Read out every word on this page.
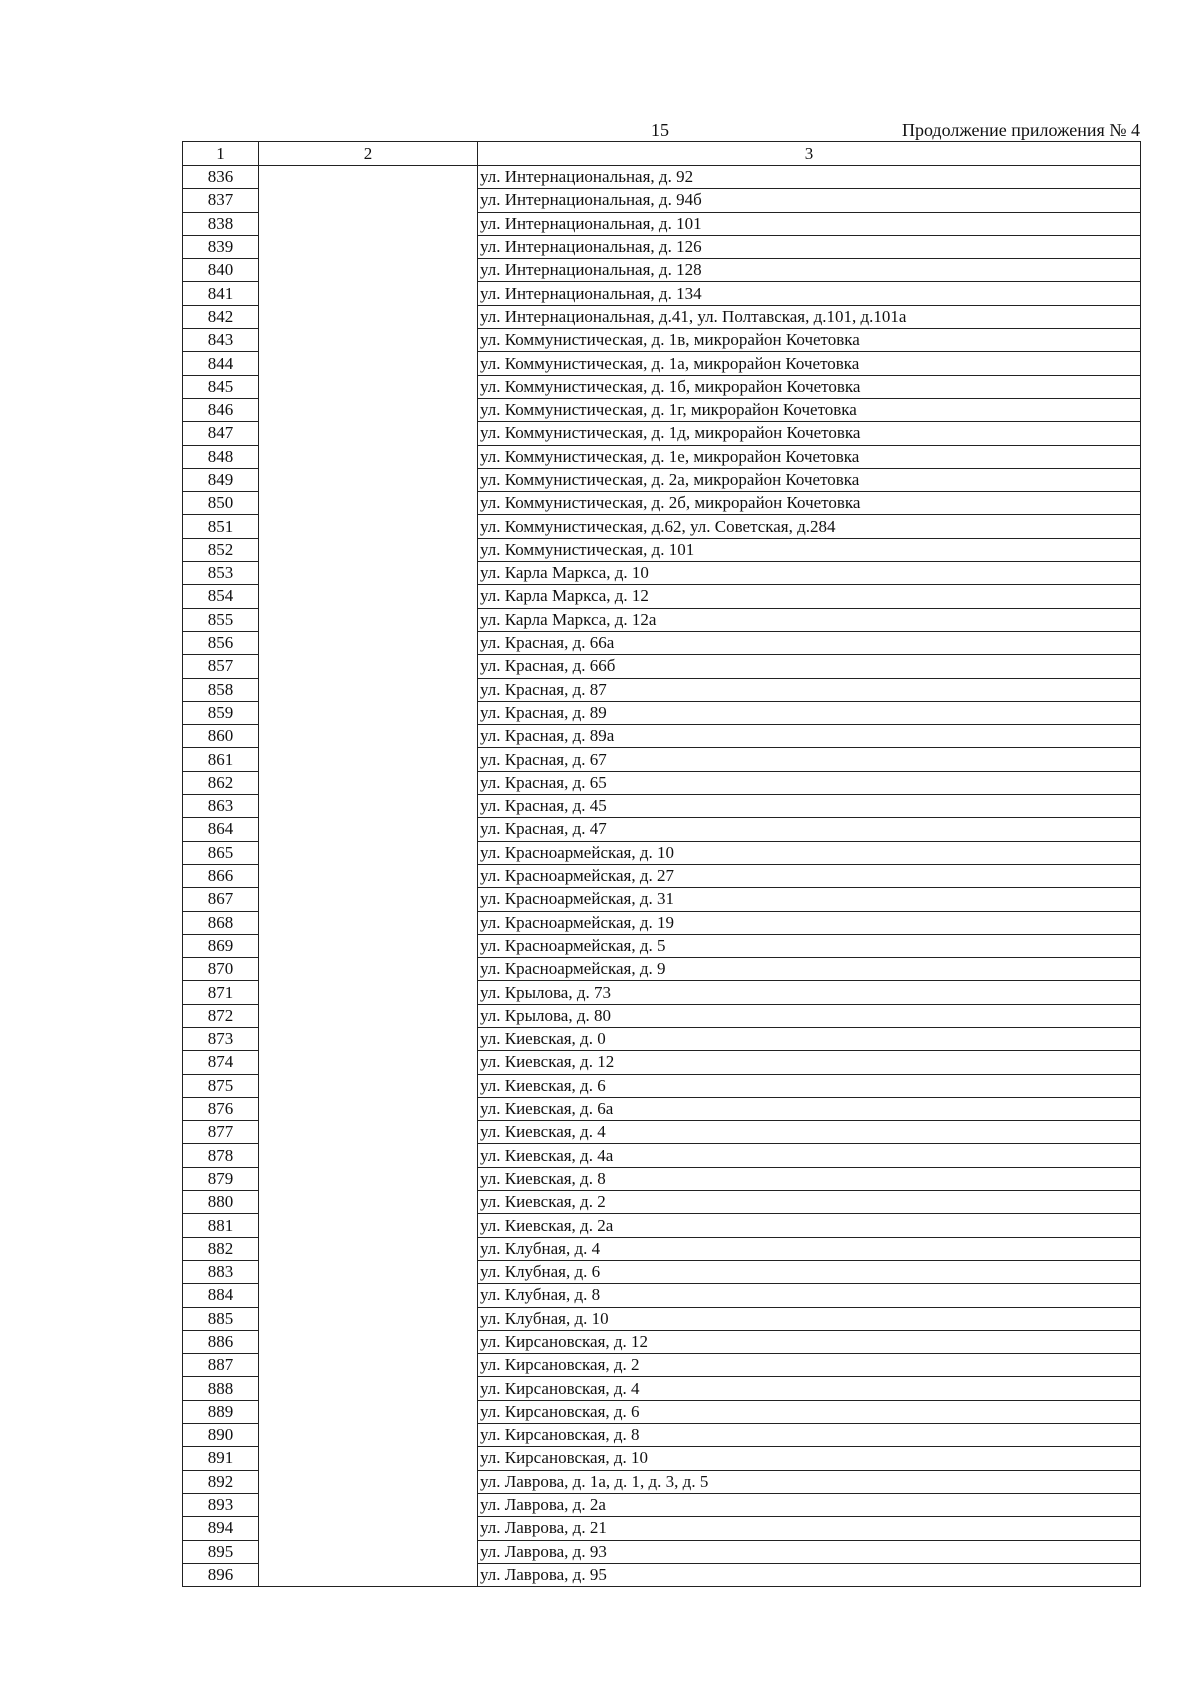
15	Продолжение приложения № 4
1	2	3
836		ул. Интернациональная, д. 92
837		ул. Интернациональная, д. 94б
838		ул. Интернациональная, д. 101
839		ул. Интернациональная, д. 126
840		ул. Интернациональная, д. 128
841		ул. Интернациональная, д. 134
842		ул. Интернациональная, д.41, ул. Полтавская, д.101, д.101а
843		ул. Коммунистическая, д. 1в, микрорайон Кочетовка
844		ул. Коммунистическая, д. 1а, микрорайон Кочетовка
845		ул. Коммунистическая, д. 1б, микрорайон Кочетовка
846		ул. Коммунистическая, д. 1г, микрорайон Кочетовка
847		ул. Коммунистическая, д. 1д, микрорайон Кочетовка
848		ул. Коммунистическая, д. 1е, микрорайон Кочетовка
849		ул. Коммунистическая, д. 2а, микрорайон Кочетовка
850		ул. Коммунистическая, д. 2б, микрорайон Кочетовка
851		ул. Коммунистическая, д.62, ул. Советская, д.284
852		ул. Коммунистическая, д. 101
853		ул. Карла Маркса, д. 10
854		ул. Карла Маркса, д. 12
855		ул. Карла Маркса, д. 12а
856		ул. Красная, д. 66а
857		ул. Красная, д. 66б
858		ул. Красная, д. 87
859		ул. Красная, д. 89
860		ул. Красная, д. 89а
861		ул. Красная, д. 67
862		ул. Красная, д. 65
863		ул. Красная, д. 45
864		ул. Красная, д. 47
865		ул. Красноармейская, д. 10
866		ул. Красноармейская, д. 27
867		ул. Красноармейская, д. 31
868		ул. Красноармейская, д. 19
869		ул. Красноармейская, д. 5
870		ул. Красноармейская, д. 9
871		ул. Крылова, д. 73
872		ул. Крылова, д. 80
873		ул. Киевская, д. 0
874		ул. Киевская, д. 12
875		ул. Киевская, д. 6
876		ул. Киевская, д. 6а
877		ул. Киевская, д. 4
878		ул. Киевская, д. 4а
879		ул. Киевская, д. 8
880		ул. Киевская, д. 2
881		ул. Киевская, д. 2а
882		ул. Клубная, д. 4
883		ул. Клубная, д. 6
884		ул. Клубная, д. 8
885		ул. Клубная, д. 10
886		ул. Кирсановская, д. 12
887		ул. Кирсановская, д. 2
888		ул. Кирсановская, д. 4
889		ул. Кирсановская, д. 6
890		ул. Кирсановская, д. 8
891		ул. Кирсановская, д. 10
892		ул. Лаврова, д. 1а, д. 1, д. 3, д. 5
893		ул. Лаврова, д. 2а
894		ул. Лаврова, д. 21
895		ул. Лаврова, д. 93
896		ул. Лаврова, д. 95
